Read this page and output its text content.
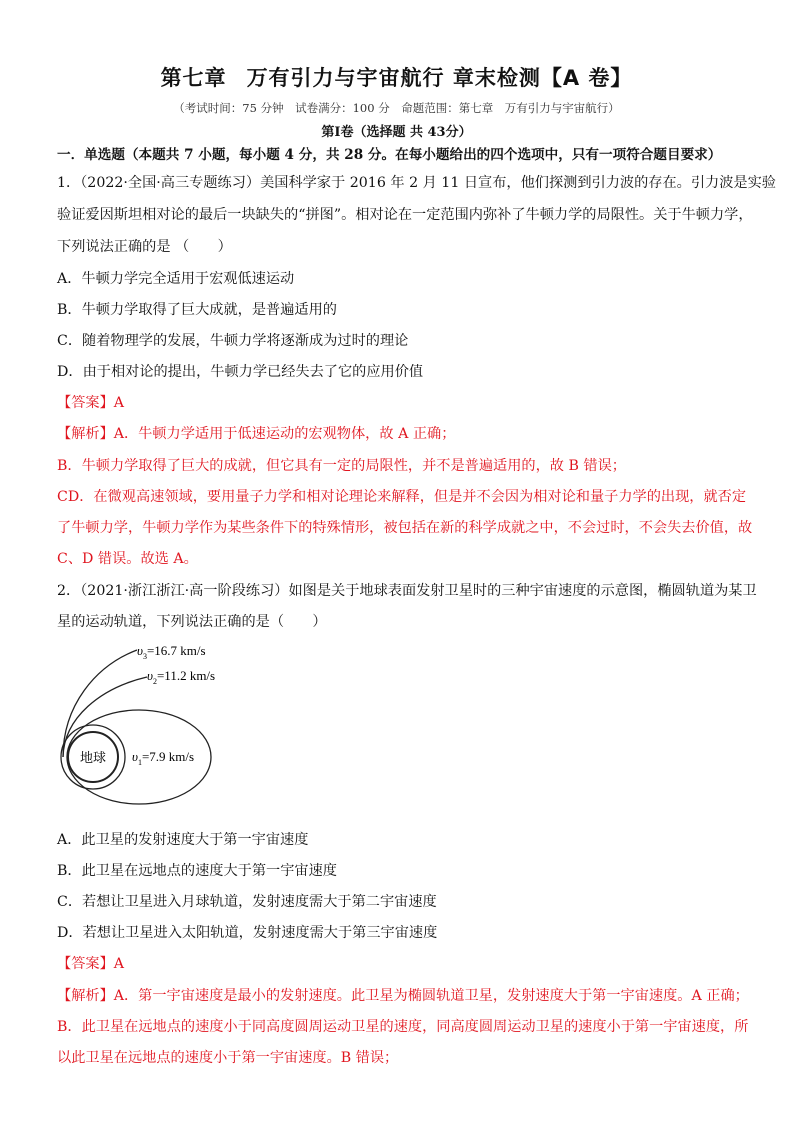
第七章 万有引力与宇宙航行 章末检测【A 卷】
（考试时间：75 分钟　试卷满分：100 分　命题范围：第七章　万有引力与宇宙航行）
第Ⅰ卷（选择题 共 43分）
一．单选题（本题共 7 小题，每小题 4 分，共 28 分。在每小题给出的四个选项中，只有一项符合题目要求）
1．（2022·全国·高三专题练习）美国科学家于 2016 年 2 月 11 日宣布，他们探测到引力波的存在。引力波是实验
验证爱因斯坦相对论的最后一块缺失的“拼图”。相对论在一定范围内弥补了牛顿力学的局限性。关于牛顿力学，
下列说法正确的是 （　　）
A．牛顿力学完全适用于宏观低速运动
B．牛顿力学取得了巨大成就，是普遍适用的
C．随着物理学的发展，牛顿力学将逐渐成为过时的理论
D．由于相对论的提出，牛顿力学已经失去了它的应用价值
【答案】A
【解析】A．牛顿力学适用于低速运动的宏观物体，故 A 正确；
B．牛顿力学取得了巨大的成就，但它具有一定的局限性，并不是普遍适用的，故 B 错误；
CD．在微观高速领域，要用量子力学和相对论理论来解释，但是并不会因为相对论和量子力学的出现，就否定
了牛顿力学，牛顿力学作为某些条件下的特殊情形，被包括在新的科学成就之中，不会过时，不会失去价值，故
C、D 错误。故选 A。
2．（2021·浙江浙江·高一阶段练习）如图是关于地球表面发射卫星时的三种宇宙速度的示意图，椭圆轨道为某卫
星的运动轨道，下列说法正确的是（　　）
地球
$\upsilon_3=16.7$ km/s
$\upsilon_2=11.2$ km/s
$\upsilon_1=7.9$ km/s
A．此卫星的发射速度大于第一宇宙速度
B．此卫星在远地点的速度大于第一宇宙速度
C．若想让卫星进入月球轨道，发射速度需大于第二宇宙速度
D．若想让卫星进入太阳轨道，发射速度需大于第三宇宙速度
【答案】A
【解析】A．第一宇宙速度是最小的发射速度。此卫星为椭圆轨道卫星，发射速度大于第一宇宙速度。A 正确；
B．此卫星在远地点的速度小于同高度圆周运动卫星的速度，同高度圆周运动卫星的速度小于第一宇宙速度，所
以此卫星在远地点的速度小于第一宇宙速度。B 错误；
